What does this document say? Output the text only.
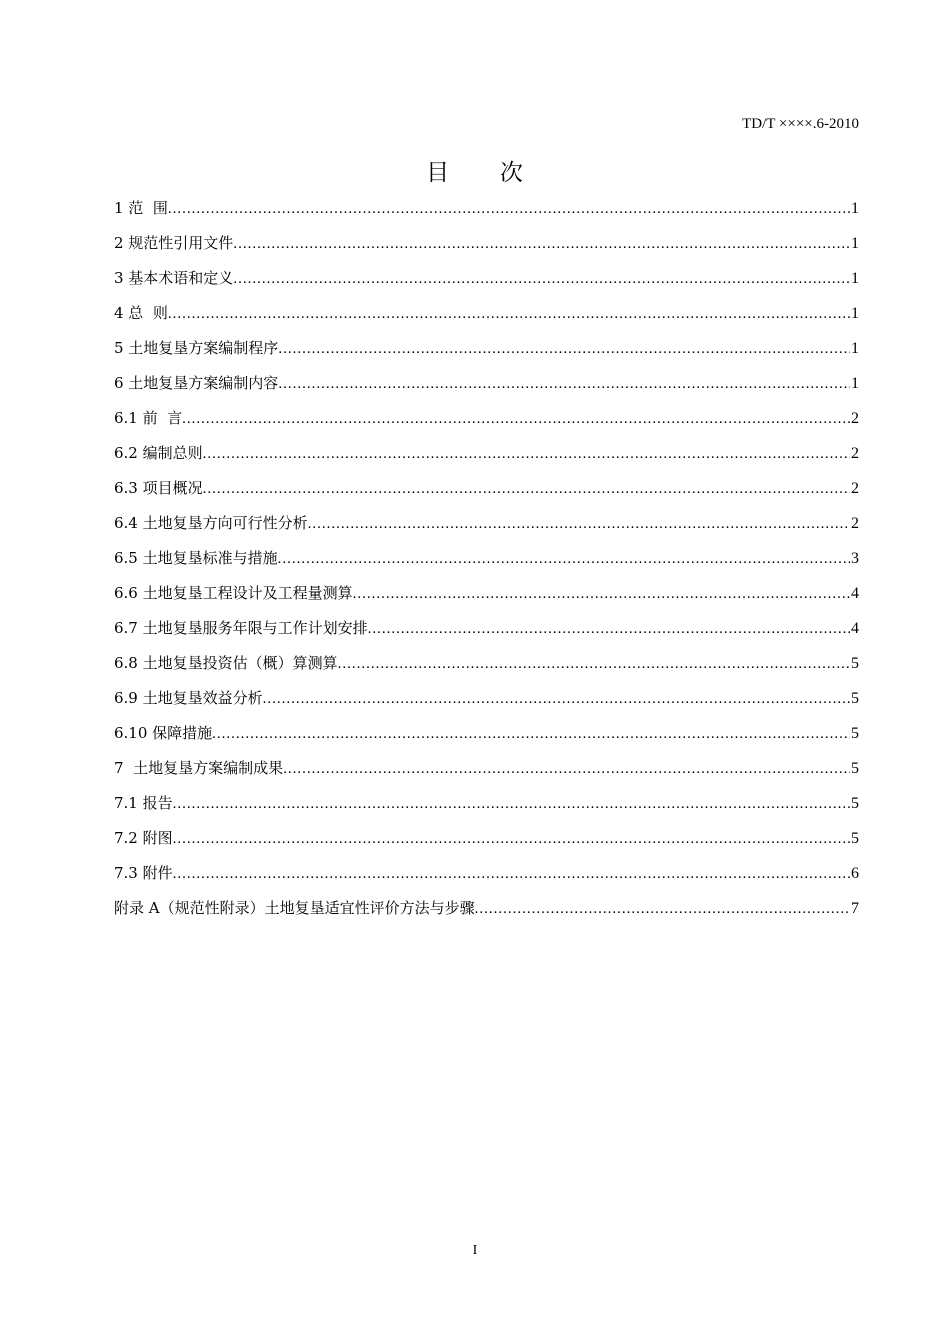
TD/T ××××.6-2010
目      次
1 范  围 .....	1
2 规范性引用文件 .....	1
3 基本术语和定义 .....	1
4 总  则 .....	1
5 土地复垦方案编制程序 .....	1
6 土地复垦方案编制内容 .....	1
6.1 前  言 .....	2
6.2 编制总则 .....	2
6.3 项目概况 .....	2
6.4 土地复垦方向可行性分析 .....	2
6.5 土地复垦标准与措施 .....	3
6.6 土地复垦工程设计及工程量测算 .....	4
6.7 土地复垦服务年限与工作计划安排 .....	4
6.8 土地复垦投资估（概）算测算 .....	5
6.9 土地复垦效益分析 .....	5
6.10 保障措施 .....	5
7  土地复垦方案编制成果 .....	5
7.1 报告 .....	5
7.2 附图 .....	5
7.3 附件 .....	6
附录 A（规范性附录）土地复垦适宜性评价方法与步骤 .....	7
I
